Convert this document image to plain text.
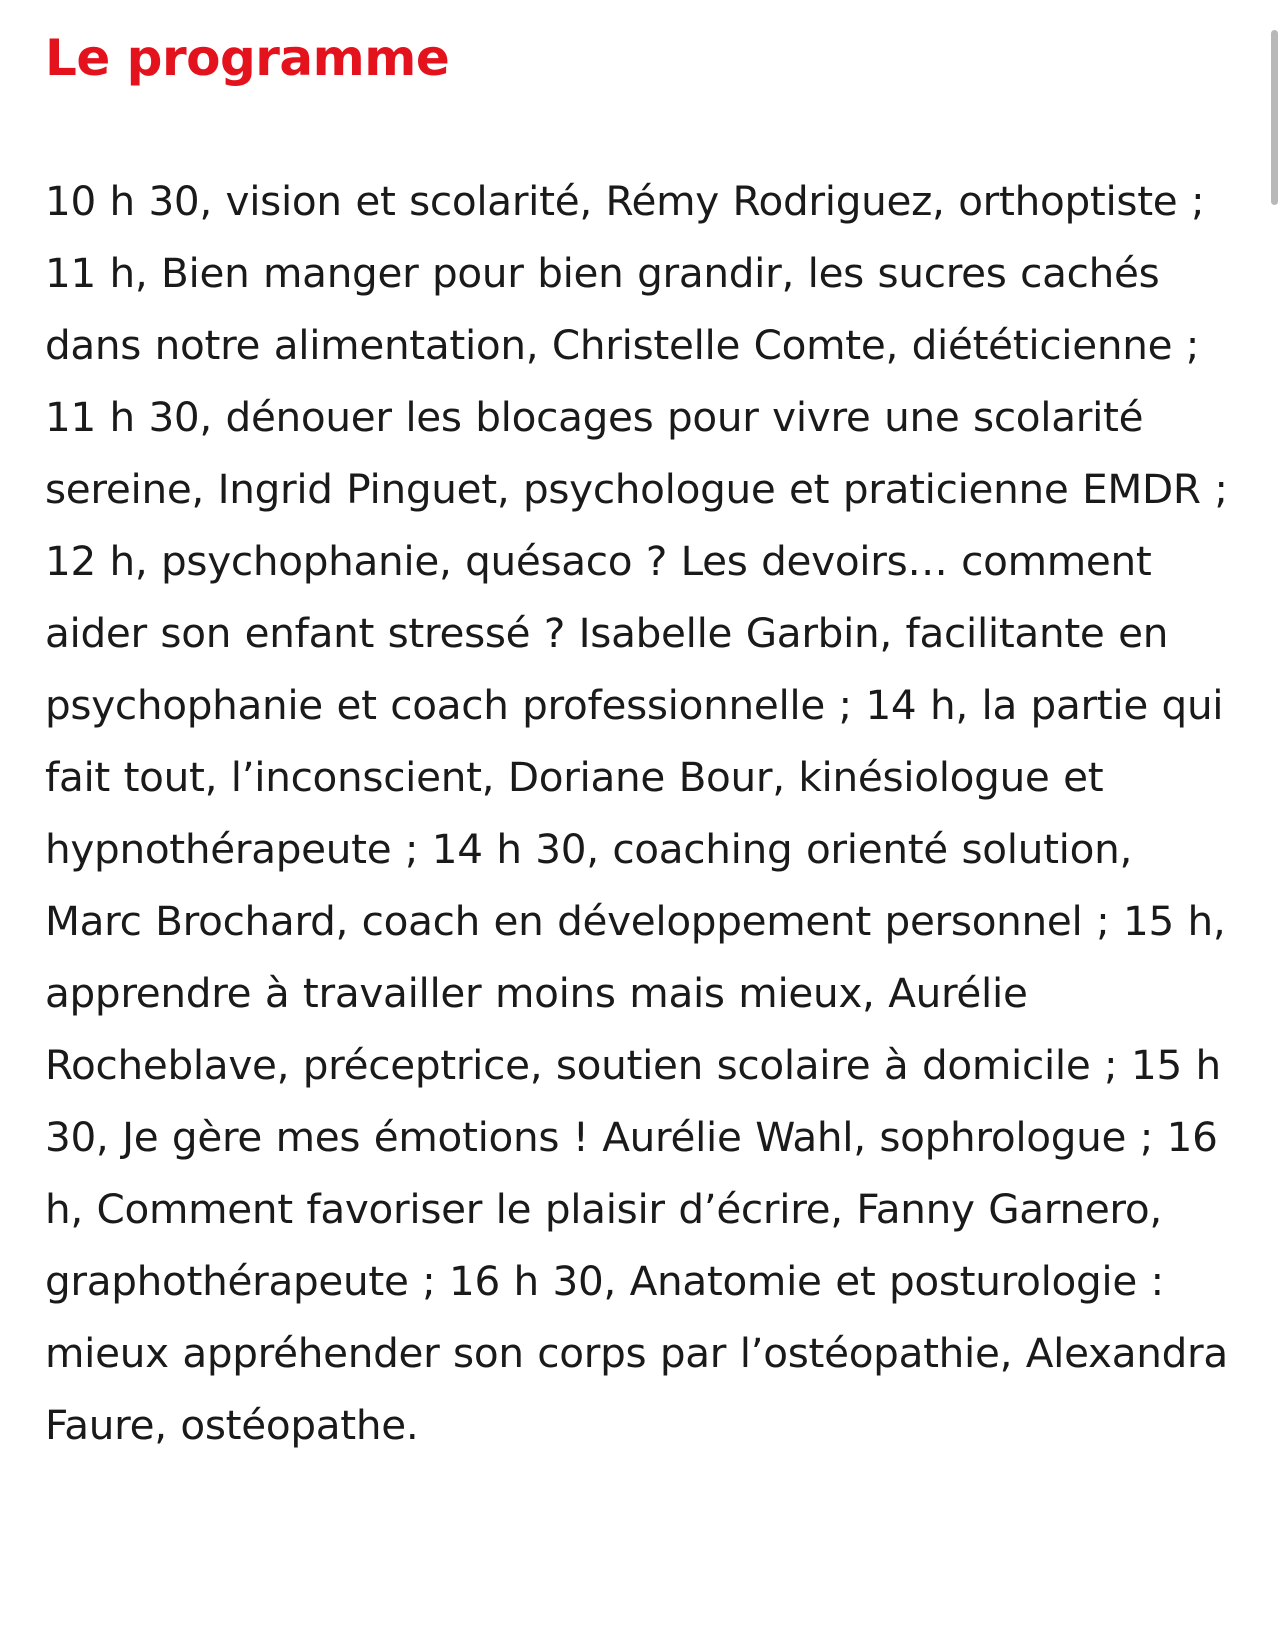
Le programme

10 h 30, vision et scolarité, Rémy Rodriguez, orthoptiste ; 11 h, Bien manger pour bien grandir, les sucres cachés dans notre alimentation, Christelle Comte, diététicienne ; 11 h 30, dénouer les blocages pour vivre une scolarité sereine, Ingrid Pinguet, psychologue et praticienne EMDR ; 12 h, psychophanie, quésaco ? Les devoirs… comment aider son enfant stressé ? Isabelle Garbin, facilitante en psychophanie et coach professionnelle ; 14 h, la partie qui fait tout, l’inconscient, Doriane Bour, kinésiologue et hypnothérapeute ; 14 h 30, coaching orienté solution, Marc Brochard, coach en développement personnel ; 15 h, apprendre à travailler moins mais mieux, Aurélie Rocheblave, préceptrice, soutien scolaire à domicile ; 15 h 30, Je gère mes émotions ! Aurélie Wahl, sophrologue ; 16 h, Comment favoriser le plaisir d’écrire, Fanny Garnero, graphothérapeute ; 16 h 30, Anatomie et posturologie : mieux appréhender son corps par l’ostéopathie, Alexandra Faure, ostéopathe.
